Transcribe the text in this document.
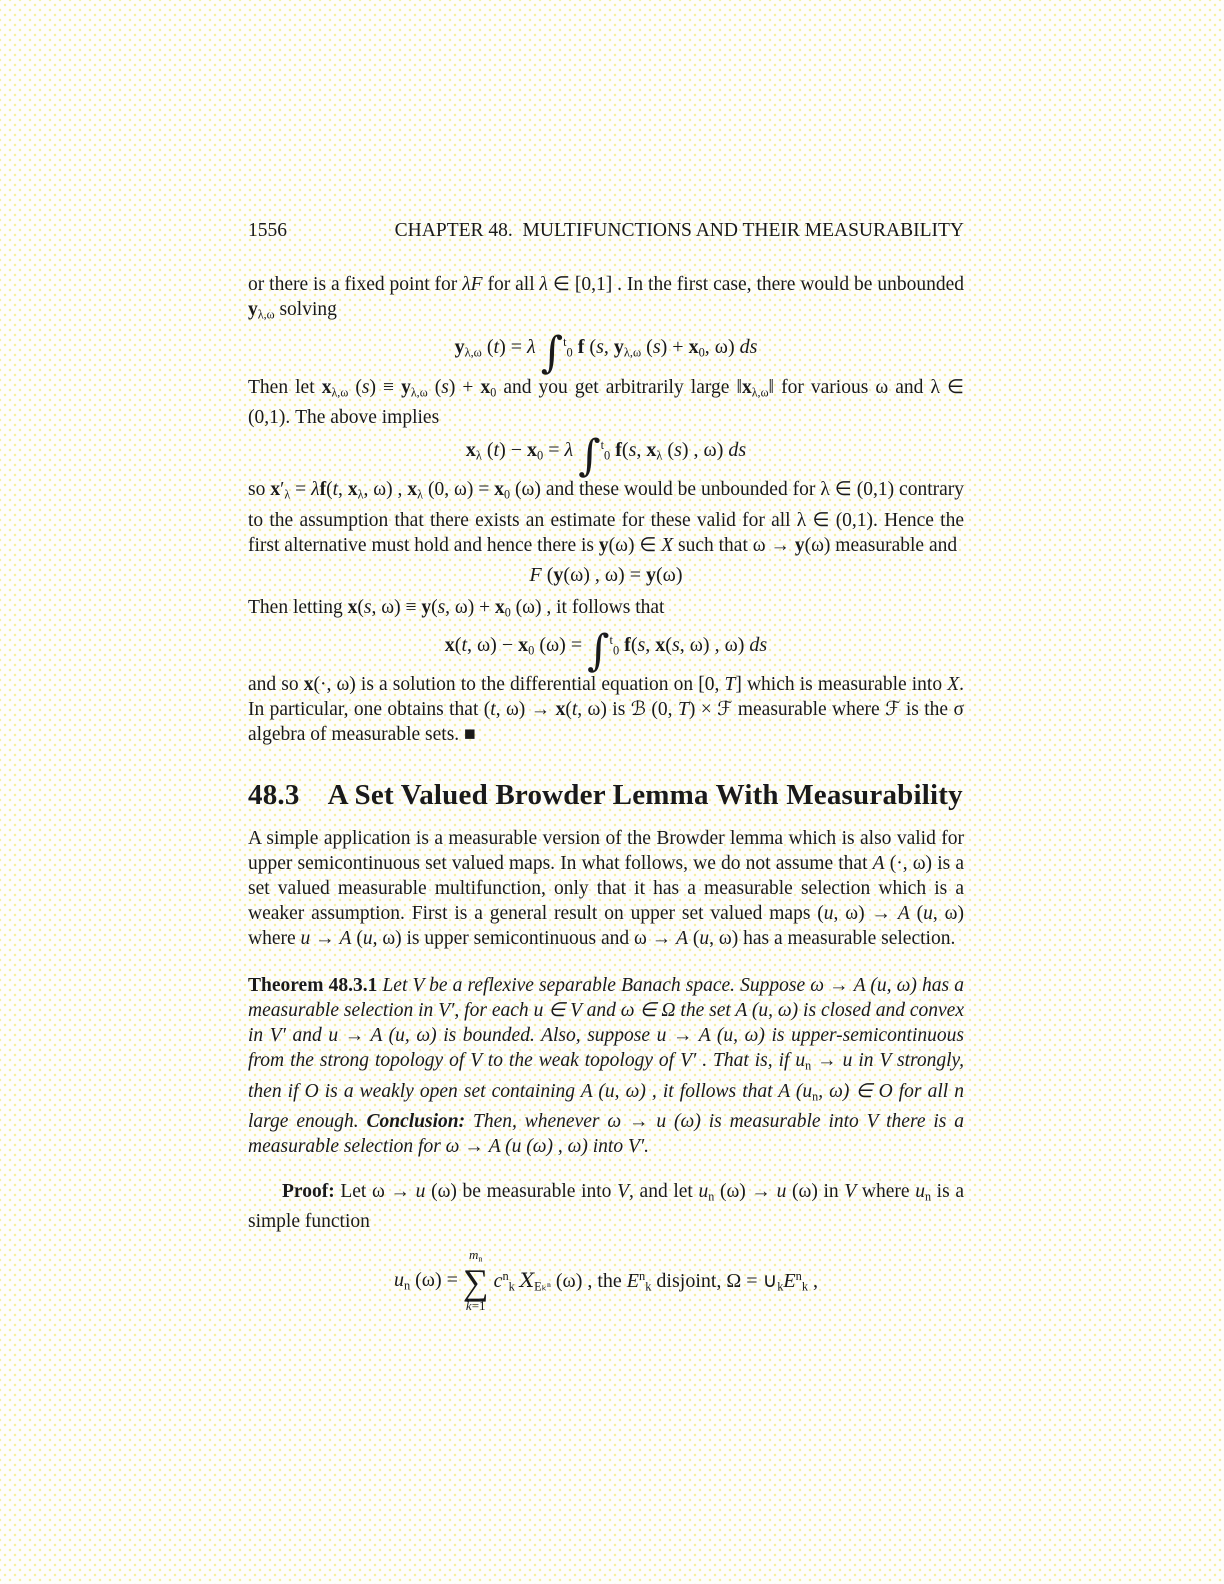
1556	CHAPTER 48.  MULTIFUNCTIONS AND THEIR MEASURABILITY

or there is a fixed point for λF for all λ ∈ [0,1] . In the first case, there would be unbounded yλ,ω solving

yλ,ω (t) = λ ∫$^t$0 f (s, yλ,ω (s) + x0, ω) ds

Then let xλ,ω (s) ≡ yλ,ω (s) + x0 and you get arbitrarily large ‖xλ,ω‖ for various ω and λ ∈ (0,1). The above implies

xλ (t) − x0 = λ ∫$^t$0 f(s, xλ (s) , ω) ds

so x′λ = λf(t, xλ, ω) , xλ (0, ω) = x0 (ω) and these would be unbounded for λ ∈ (0,1) contrary to the assumption that there exists an estimate for these valid for all λ ∈ (0,1). Hence the first alternative must hold and hence there is y(ω) ∈ X such that ω → y(ω) measurable and

F (y(ω) , ω) = y(ω)

Then letting x(s, ω) ≡ y(s, ω) + x0 (ω) , it follows that

x(t, ω) − x0 (ω) = ∫$^t$0 f(s, x(s, ω) , ω) ds

and so x(·, ω) is a solution to the differential equation on [0, T] which is measurable into X. In particular, one obtains that (t, ω) → x(t, ω) is ℬ (0, T) × ℱ measurable where ℱ is the σ algebra of measurable sets. ■

48.3 A Set Valued Browder Lemma With Measurability

A simple application is a measurable version of the Browder lemma which is also valid for upper semicontinuous set valued maps. In what follows, we do not assume that A (·, ω) is a set valued measurable multifunction, only that it has a measurable selection which is a weaker assumption. First is a general result on upper set valued maps (u, ω) → A (u, ω) where u → A (u, ω) is upper semicontinuous and ω → A (u, ω) has a measurable selection.

Theorem 48.3.1 Let V be a reflexive separable Banach space. Suppose ω → A (u, ω) has a measurable selection in V′, for each u ∈ V and ω ∈ Ω the set A (u, ω) is closed and convex in V′ and u → A (u, ω) is bounded. Also, suppose u → A (u, ω) is upper-semicontinuous from the strong topology of V to the weak topology of V′ . That is, if un → u in V strongly, then if O is a weakly open set containing A (u, ω) , it follows that A (un, ω) ∈ O for all n large enough. Conclusion: Then, whenever ω → u (ω) is measurable into V there is a measurable selection for ω → A (u (ω) , ω) into V′.

Proof: Let ω → u (ω) be measurable into V, and let un (ω) → u (ω) in V where un is a simple function

un (ω) =
mn
∑
k=1
$c^nk$ XEₖⁿ (ω) , the $E^nk$ disjoint, $\Omega = \cup kE^nk$ ,
